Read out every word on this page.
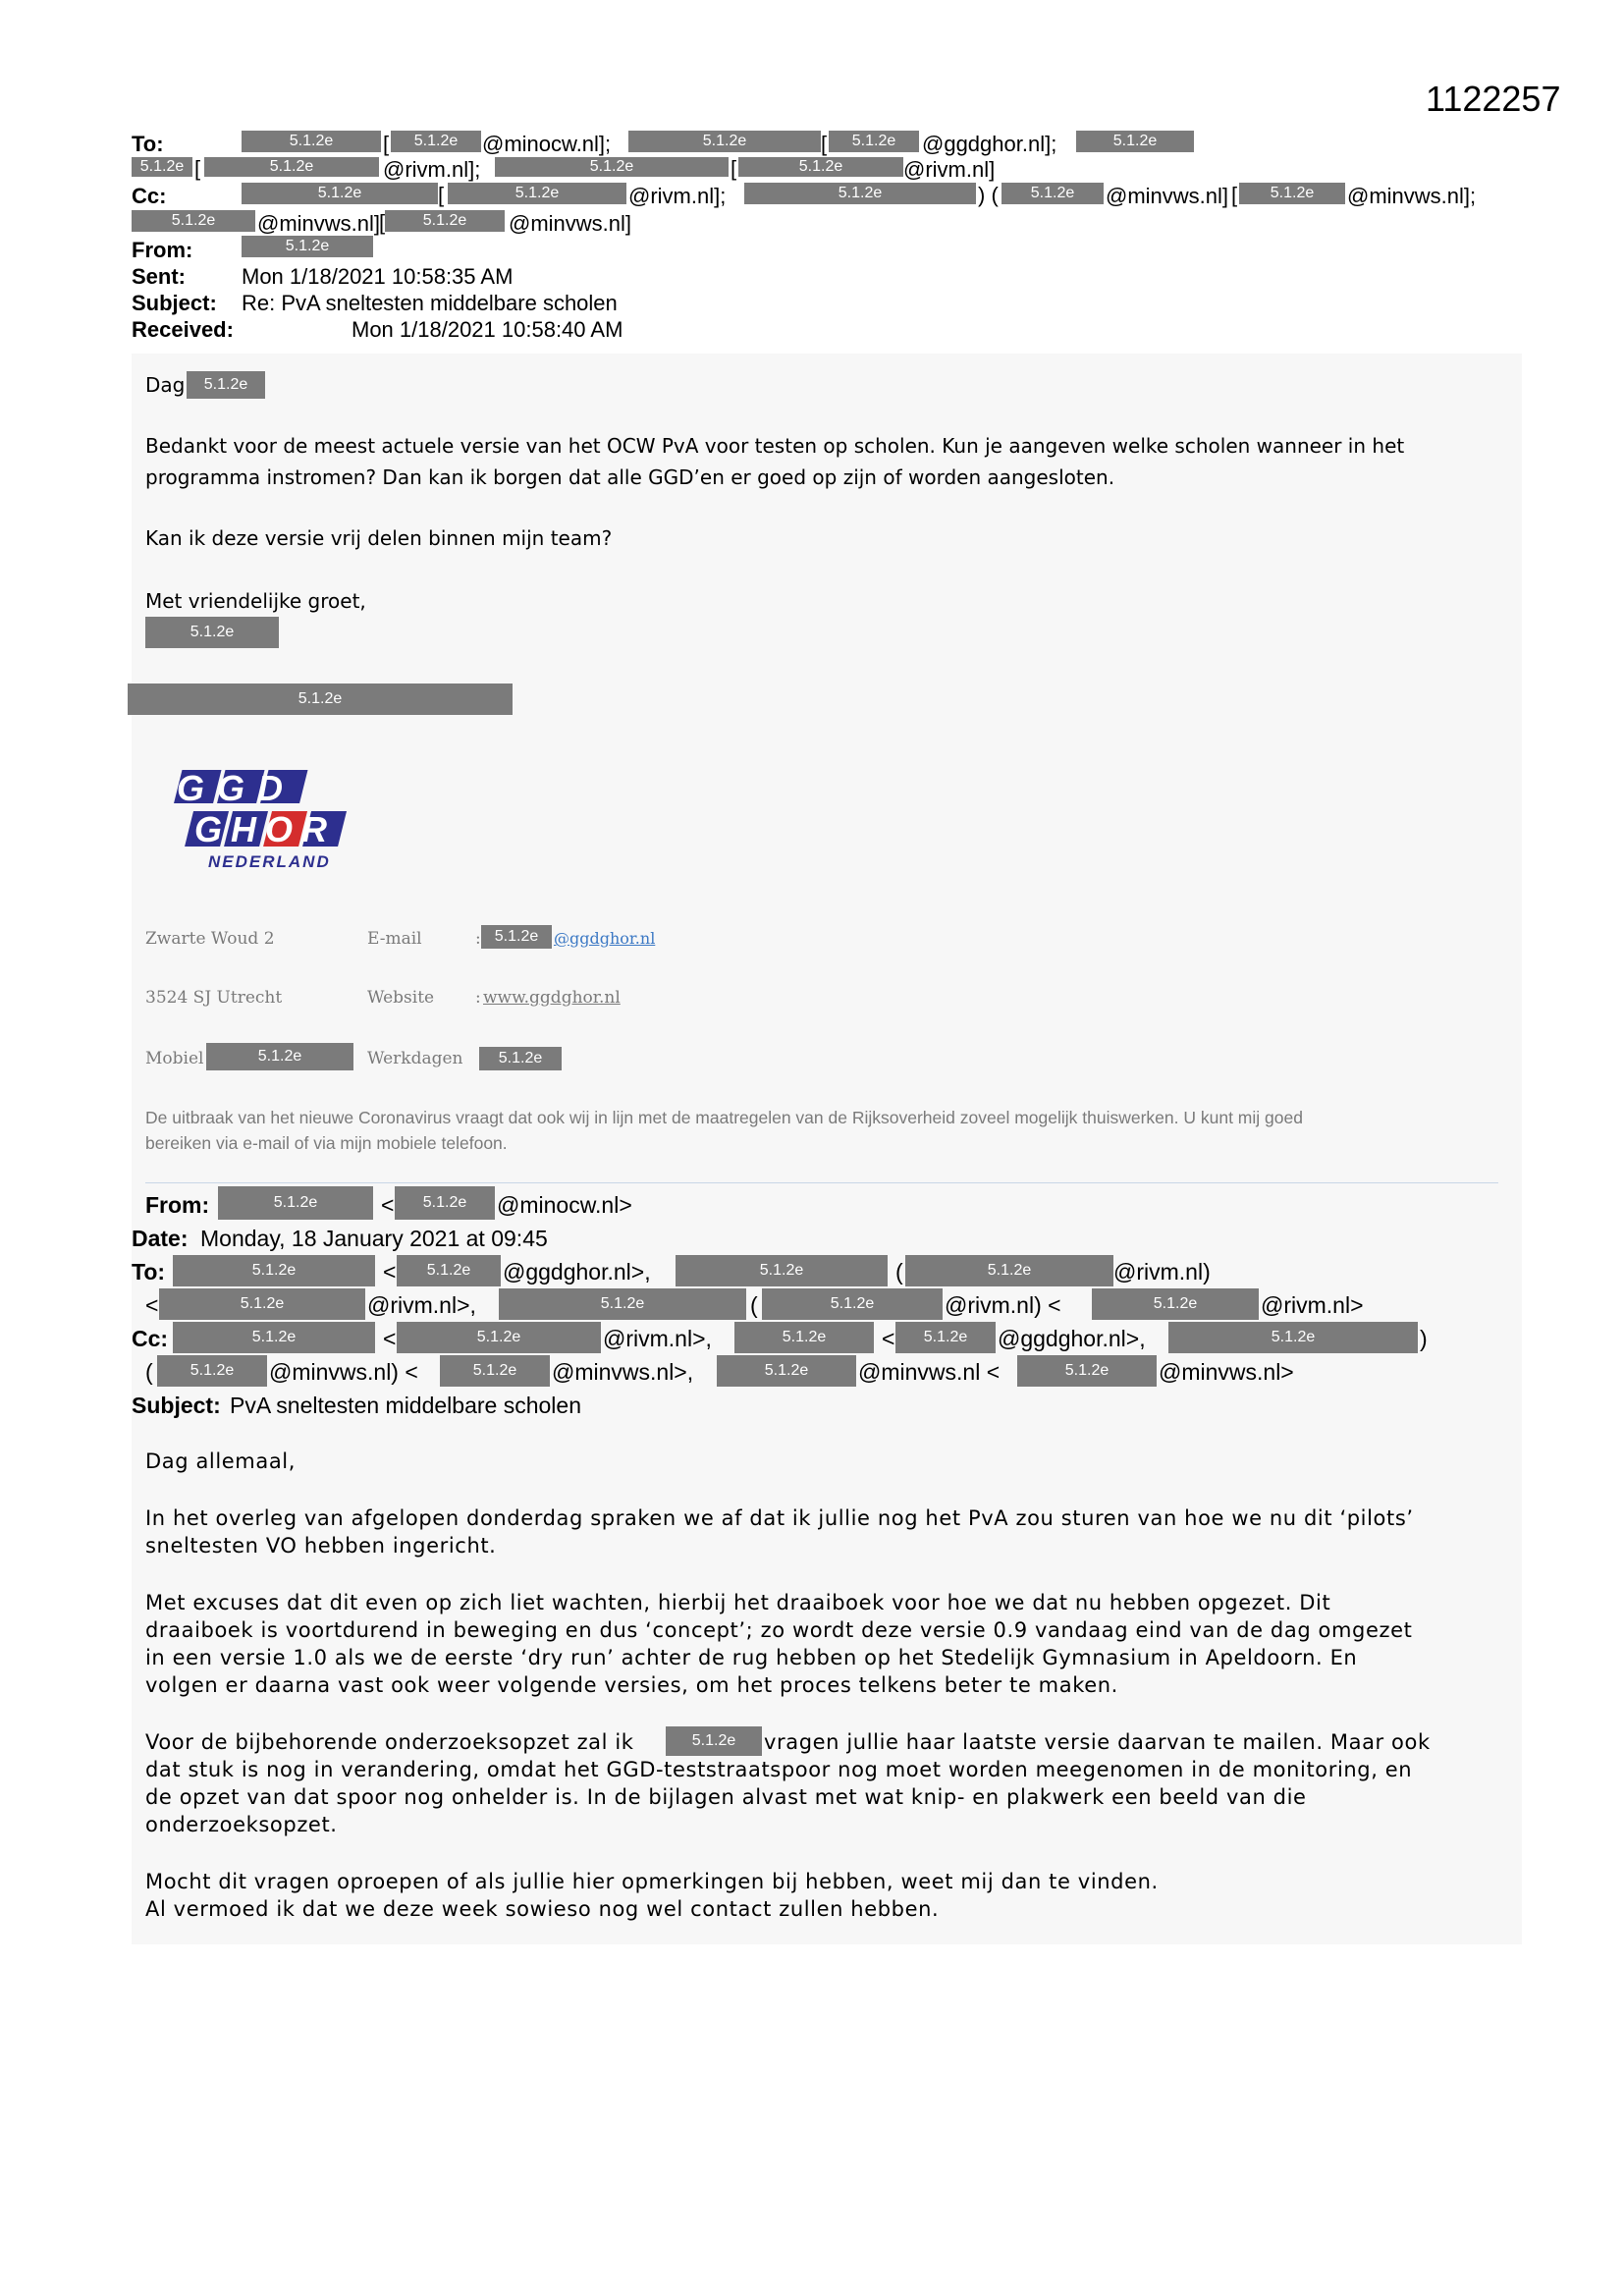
1122257
To:	5.1.2e	[	5.1.2e	@minocw.nl];	5.1.2e	[	5.1.2e	@ggdghor.nl];	5.1.2e
5.1.2e [	5.1.2e	@rivm.nl];	5.1.2e	[	5.1.2e	@rivm.nl]
Cc:	5.1.2e	[	5.1.2e	@rivm.nl];	5.1.2e	) (	5.1.2e	@minvws.nl] [	5.1.2e	@minvws.nl];
5.1.2e	@minvws.nl]
[	5.1.2e	@minvws.nl]
From:	5.1.2e
Sent:	Mon 1/18/2021 10:58:35 AM
Subject: Re: PvA sneltesten middelbare scholen
Received:	Mon 1/18/2021 10:58:40 AM
Dag	5.1.2e
Bedankt voor de meest actuele versie van het OCW PvA voor testen op scholen. Kun je aangeven welke scholen wanneer in het
programma instromen? Dan kan ik borgen dat alle GGD’en er goed op zijn of worden aangesloten.
Kan ik deze versie vrij delen binnen mijn team?
Met vriendelijke groet,
5.1.2e
5.1.2e
GGD
GHOR
NEDERLAND
Zwarte Woud 2	E-mail	: 5.1.2e @ggdghor.nl
3524 SJ Utrecht	Website : www.ggdghor.nl
Mobiel	5.1.2e	Werkdagen	5.1.2e
De uitbraak van het nieuwe Coronavirus vraagt dat ook wij in lijn met de maatregelen van de Rijksoverheid zoveel mogelijk thuiswerken. U kunt mij goed
bereiken via e-mail of via mijn mobiele telefoon.
From:	5.1.2e	<	5.1.2e	@minocw.nl>
Date: Monday, 18 January 2021 at 09:45
To:	5.1.2e	<	5.1.2e	@ggdghor.nl>,	5.1.2e	(	5.1.2e	@rivm.nl)
<	5.1.2e	@rivm.nl>,	5.1.2e	(	5.1.2e	@rivm.nl) <	5.1.2e	@rivm.nl>
Cc:	5.1.2e	<	5.1.2e	@rivm.nl>,	5.1.2e	<	5.1.2e	@ggdghor.nl>,	5.1.2e	)
(	5.1.2e	@minvws.nl) <	5.1.2e	@minvws.nl>,	5.1.2e	@minvws.nl <	5.1.2e	@minvws.nl>
Subject: PvA sneltesten middelbare scholen
Dag allemaal,
In het overleg van afgelopen donderdag spraken we af dat ik jullie nog het PvA zou sturen van hoe we nu dit ‘pilots’
sneltesten VO hebben ingericht.
Met excuses dat dit even op zich liet wachten, hierbij het draaiboek voor hoe we dat nu hebben opgezet. Dit
draaiboek is voortdurend in beweging en dus ‘concept’; zo wordt deze versie 0.9 vandaag eind van de dag omgezet
in een versie 1.0 als we de eerste ‘dry run’ achter de rug hebben op het Stedelijk Gymnasium in Apeldoorn. En
volgen er daarna vast ook weer volgende versies, om het proces telkens beter te maken.
Voor de bijbehorende onderzoeksopzet zal ik	5.1.2e	vragen jullie haar laatste versie daarvan te mailen. Maar ook
dat stuk is nog in verandering, omdat het GGD-teststraatspoor nog moet worden meegenomen in de monitoring, en
de opzet van dat spoor nog onhelder is. In de bijlagen alvast met wat knip- en plakwerk een beeld van die
onderzoeksopzet.
Mocht dit vragen oproepen of als jullie hier opmerkingen bij hebben, weet mij dan te vinden.
Al vermoed ik dat we deze week sowieso nog wel contact zullen hebben.
